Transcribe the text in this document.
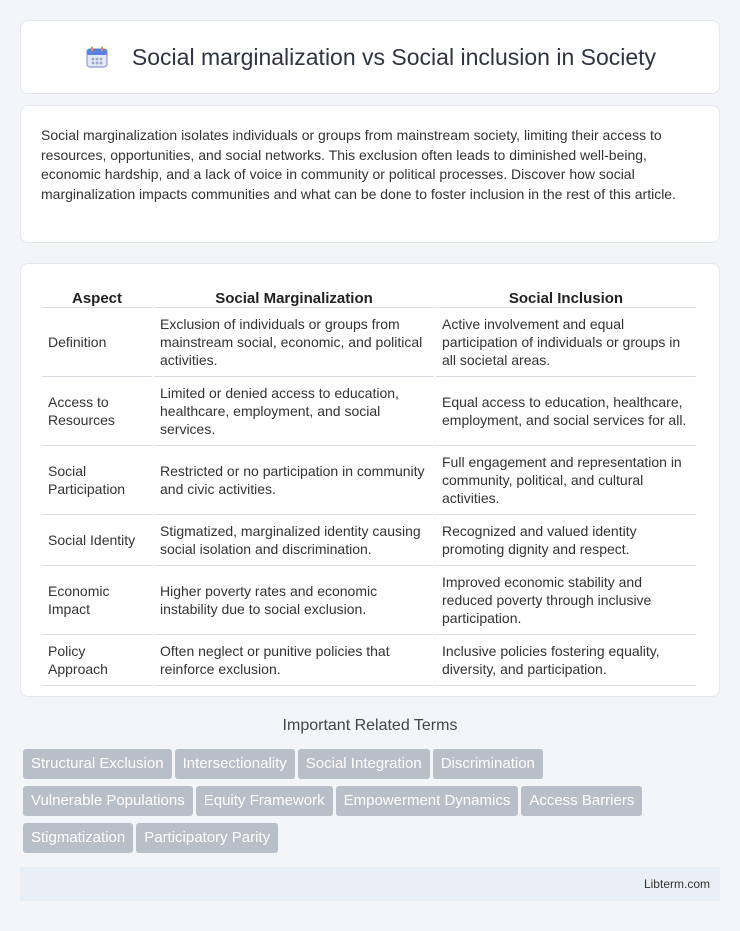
Social marginalization vs Social inclusion in Society

Social marginalization isolates individuals or groups from mainstream society, limiting their access to resources, opportunities, and social networks. This exclusion often leads to diminished well-being, economic hardship, and a lack of voice in community or political processes. Discover how social marginalization impacts communities and what can be done to foster inclusion in the rest of this article.

Aspect	Social Marginalization	Social Inclusion
Definition	Exclusion of individuals or groups from mainstream social, economic, and political activities.	Active involvement and equal participation of individuals or groups in all societal areas.
Access to Resources	Limited or denied access to education, healthcare, employment, and social services.	Equal access to education, healthcare, employment, and social services for all.
Social Participation	Restricted or no participation in community and civic activities.	Full engagement and representation in community, political, and cultural activities.
Social Identity	Stigmatized, marginalized identity causing social isolation and discrimination.	Recognized and valued identity promoting dignity and respect.
Economic Impact	Higher poverty rates and economic instability due to social exclusion.	Improved economic stability and reduced poverty through inclusive participation.
Policy Approach	Often neglect or punitive policies that reinforce exclusion.	Inclusive policies fostering equality, diversity, and participation.
Important Related Terms
Structural Exclusion Intersectionality Social Integration Discrimination
Vulnerable Populations Equity Framework Empowerment Dynamics Access Barriers
Stigmatization Participatory Parity
Libterm.com
